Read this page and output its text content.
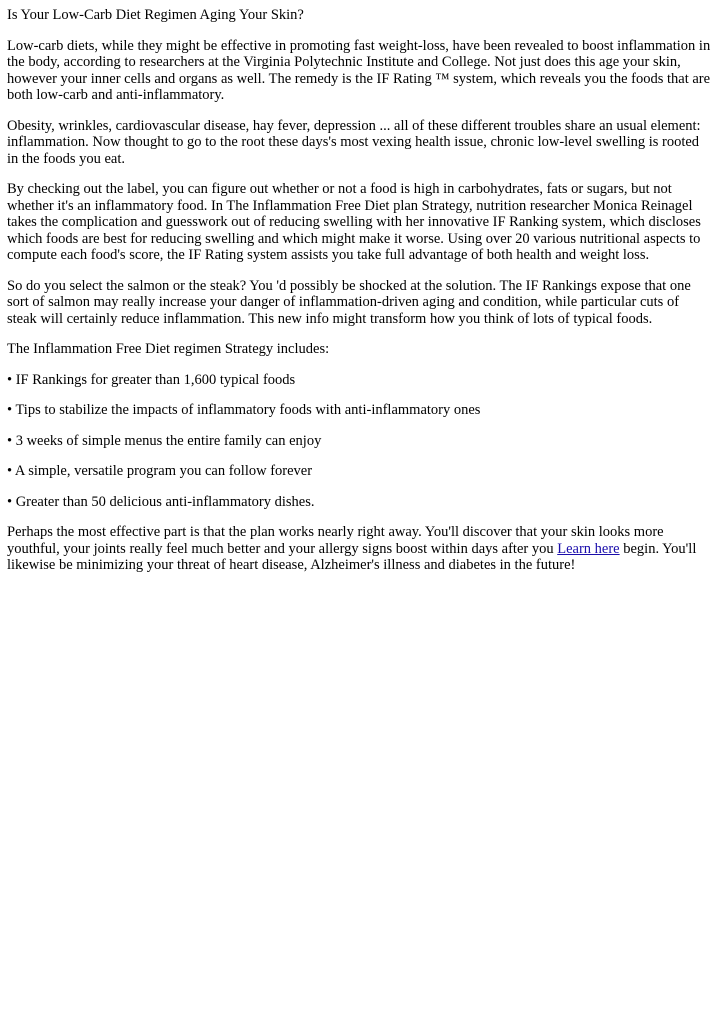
Is Your Low-Carb Diet Regimen Aging Your Skin?

Low-carb diets, while they might be effective in promoting fast weight-loss, have been revealed to boost inflammation in the body, according to researchers at the Virginia Polytechnic Institute and College. Not just does this age your skin, however your inner cells and organs as well. The remedy is the IF Rating ™ system, which reveals you the foods that are both low-carb and anti-inflammatory.

Obesity, wrinkles, cardiovascular disease, hay fever, depression ... all of these different troubles share an usual element: inflammation. Now thought to go to the root these days's most vexing health issue, chronic low-level swelling is rooted in the foods you eat.

By checking out the label, you can figure out whether or not a food is high in carbohydrates, fats or sugars, but not whether it's an inflammatory food. In The Inflammation Free Diet plan Strategy, nutrition researcher Monica Reinagel takes the complication and guesswork out of reducing swelling with her innovative IF Ranking system, which discloses which foods are best for reducing swelling and which might make it worse. Using over 20 various nutritional aspects to compute each food's score, the IF Rating system assists you take full advantage of both health and weight loss.

So do you select the salmon or the steak? You 'd possibly be shocked at the solution. The IF Rankings expose that one sort of salmon may really increase your danger of inflammation-driven aging and condition, while particular cuts of steak will certainly reduce inflammation. This new info might transform how you think of lots of typical foods.

The Inflammation Free Diet regimen Strategy includes:

• IF Rankings for greater than 1,600 typical foods

• Tips to stabilize the impacts of inflammatory foods with anti-inflammatory ones

• 3 weeks of simple menus the entire family can enjoy

• A simple, versatile program you can follow forever

• Greater than 50 delicious anti-inflammatory dishes.

Perhaps the most effective part is that the plan works nearly right away. You'll discover that your skin looks more youthful, your joints really feel much better and your allergy signs boost within days after you Learn here begin. You'll likewise be minimizing your threat of heart disease, Alzheimer's illness and diabetes in the future!
